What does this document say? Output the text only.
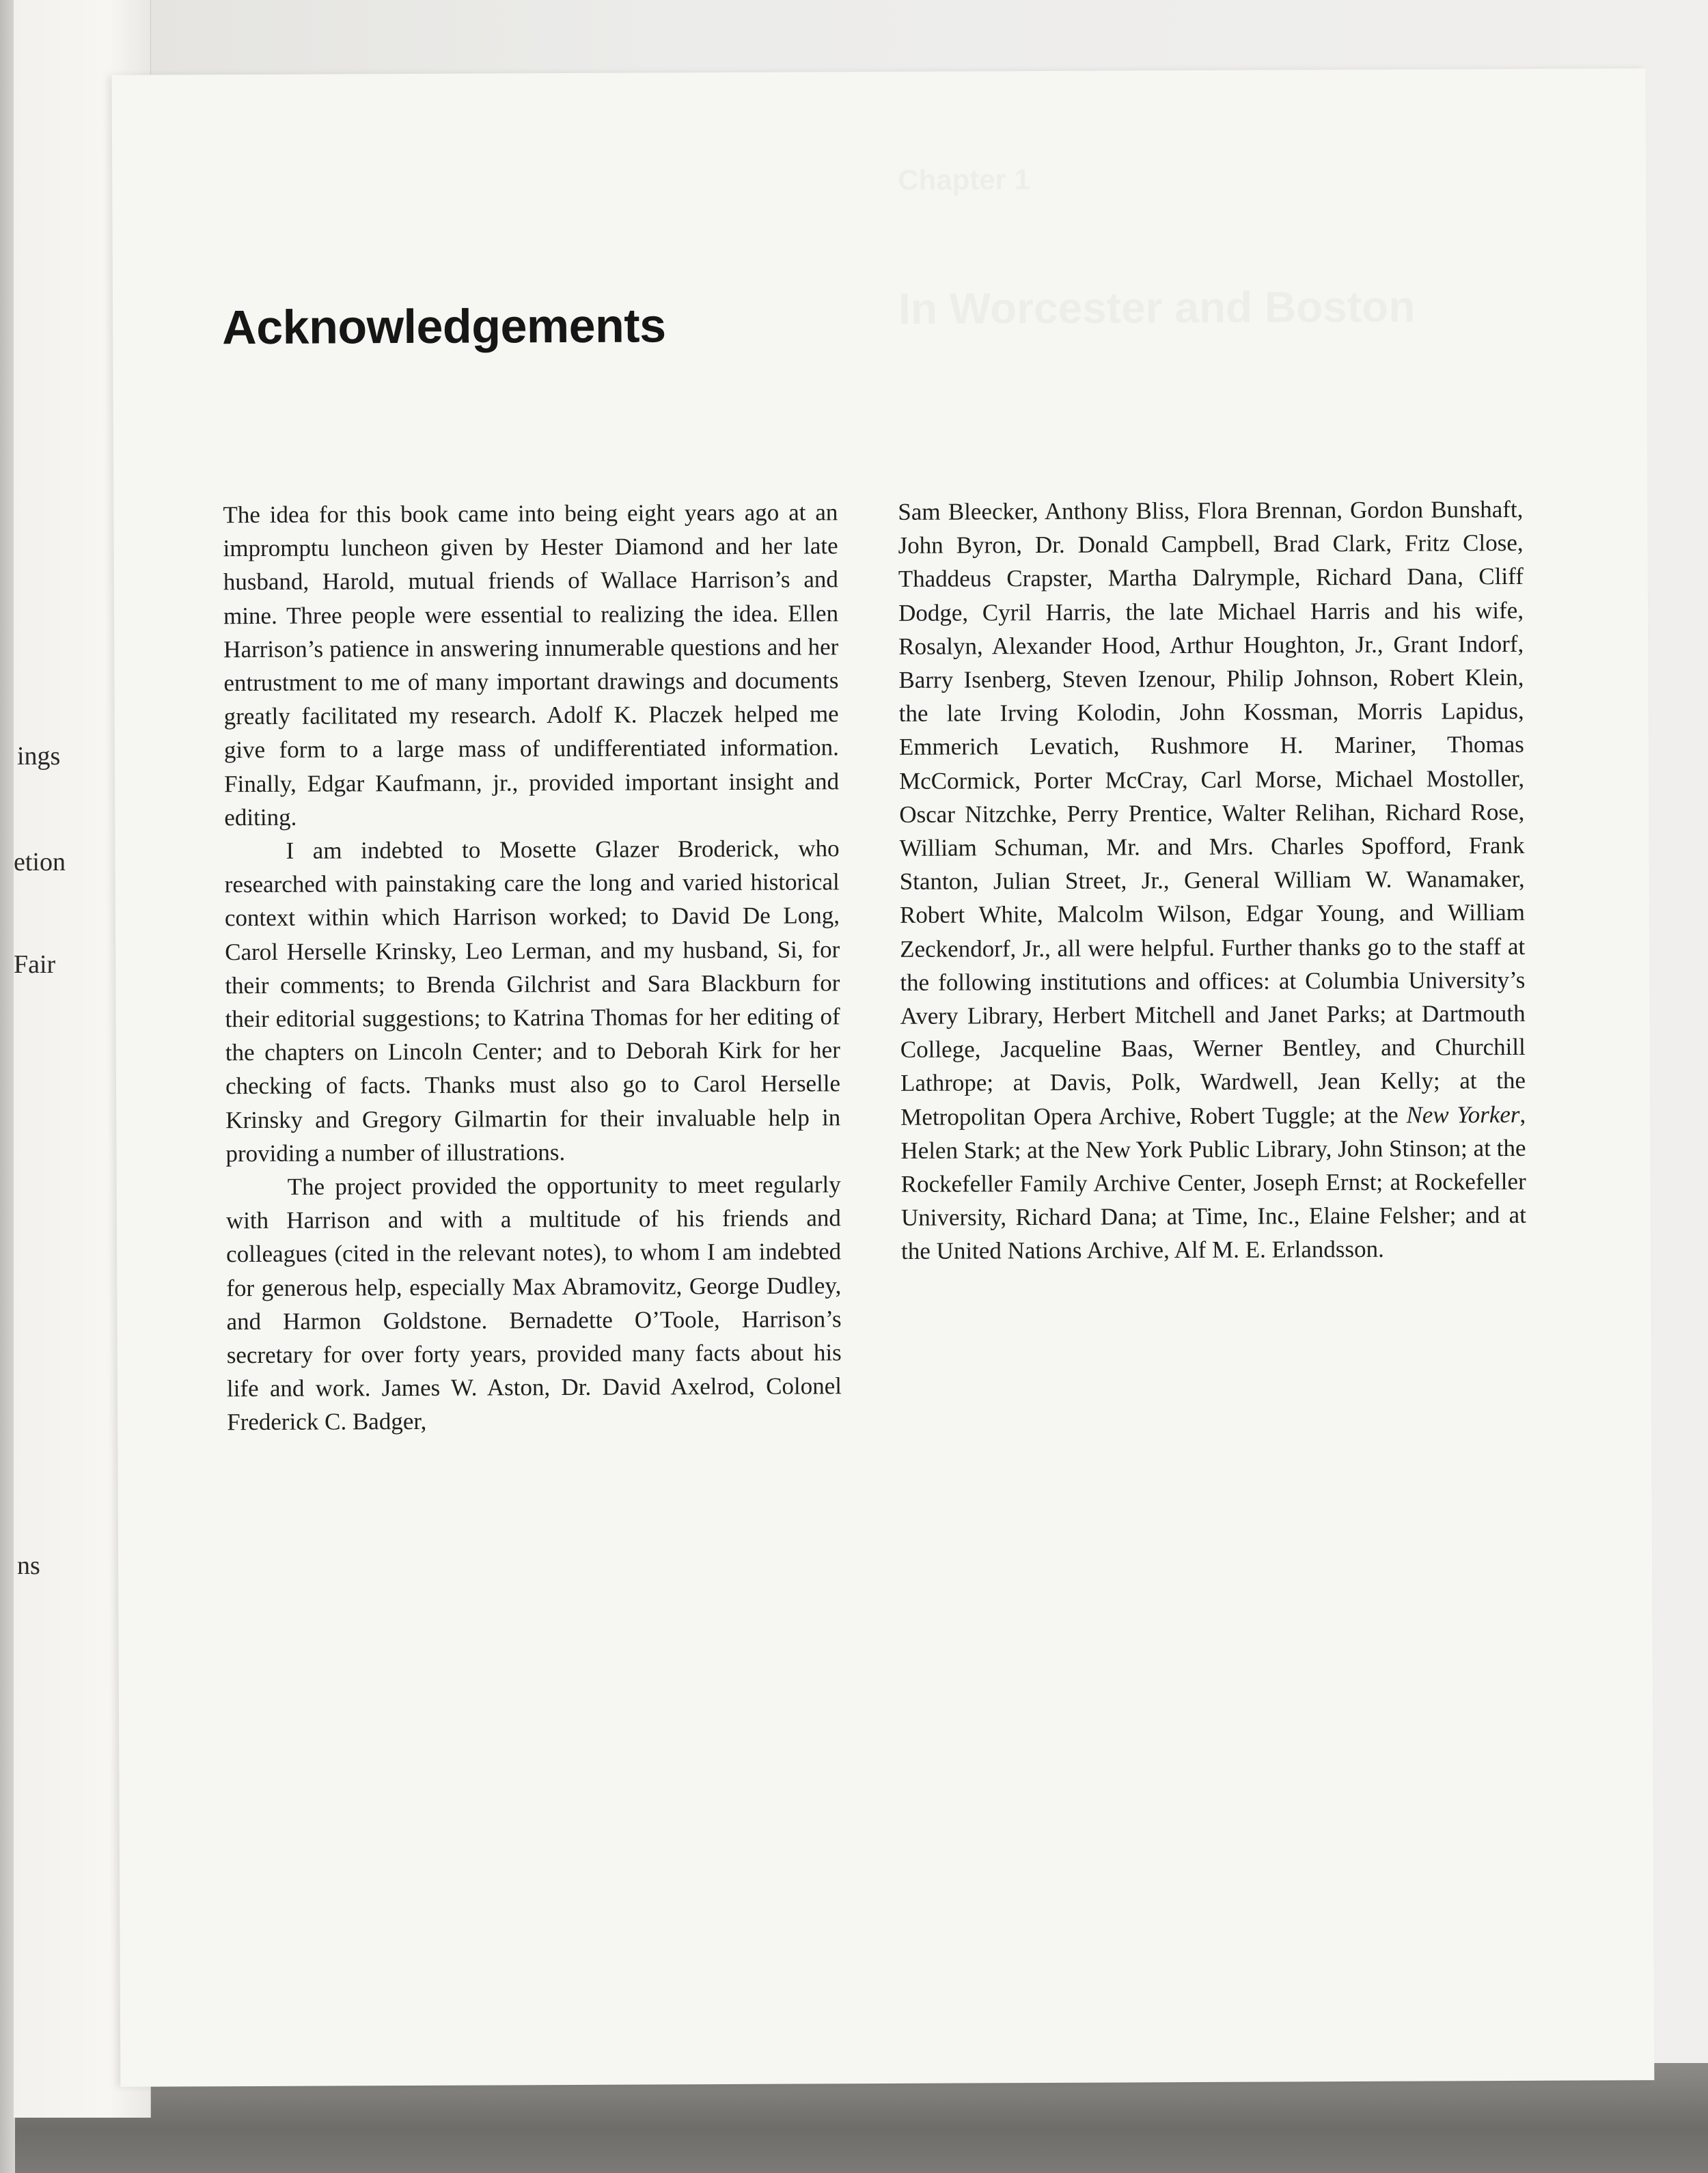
ings
etion
Fair
ns
Acknowledgements

The idea for this book came into being eight years ago at an impromptu luncheon given by Hester Diamond and her late husband, Harold, mutual friends of Wallace Harrison’s and mine. Three people were essential to realizing the idea. Ellen Harrison’s patience in answering innumerable questions and her entrustment to me of many important drawings and documents greatly facilitated my research. Adolf K. Placzek helped me give form to a large mass of undifferentiated information. Finally, Edgar Kaufmann, jr., provided important insight and editing.

I am indebted to Mosette Glazer Broderick, who researched with painstaking care the long and varied historical context within which Harrison worked; to David De Long, Carol Herselle Krinsky, Leo Lerman, and my husband, Si, for their comments; to Brenda Gilchrist and Sara Blackburn for their editorial suggestions; to Katrina Thomas for her editing of the chapters on Lincoln Center; and to Deborah Kirk for her checking of facts. Thanks must also go to Carol Herselle Krinsky and Gregory Gilmartin for their invaluable help in providing a number of illustrations.

The project provided the opportunity to meet regularly with Harrison and with a multitude of his friends and colleagues (cited in the relevant notes), to whom I am indebted for generous help, especially Max Abramovitz, George Dudley, and Harmon Goldstone. Bernadette O’Toole, Harrison’s secretary for over forty years, provided many facts about his life and work. James W. Aston, Dr. David Axelrod, Colonel Frederick C. Badger,

Sam Bleecker, Anthony Bliss, Flora Brennan, Gordon Bunshaft, John Byron, Dr. Donald Campbell, Brad Clark, Fritz Close, Thaddeus Crapster, Martha Dalrymple, Richard Dana, Cliff Dodge, Cyril Harris, the late Michael Harris and his wife, Rosalyn, Alexander Hood, Arthur Houghton, Jr., Grant Indorf, Barry Isenberg, Steven Izenour, Philip Johnson, Robert Klein, the late Irving Kolodin, John Kossman, Morris Lapidus, Emmerich Levatich, Rushmore H. Mariner, Thomas McCormick, Porter McCray, Carl Morse, Michael Mostoller, Oscar Nitzchke, Perry Prentice, Walter Relihan, Richard Rose, William Schuman, Mr. and Mrs. Charles Spofford, Frank Stanton, Julian Street, Jr., General William W. Wanamaker, Robert White, Malcolm Wilson, Edgar Young, and William Zeckendorf, Jr., all were helpful. Further thanks go to the staff at the following institutions and offices: at Columbia University’s Avery Library, Herbert Mitchell and Janet Parks; at Dartmouth College, Jacqueline Baas, Werner Bentley, and Churchill Lathrope; at Davis, Polk, Wardwell, Jean Kelly; at the Metropolitan Opera Archive, Robert Tuggle; at the New Yorker, Helen Stark; at the New York Public Library, John Stinson; at the Rockefeller Family Archive Center, Joseph Ernst; at Rockefeller University, Richard Dana; at Time, Inc., Elaine Felsher; and at the United Nations Archive, Alf M. E. Erlandsson.
